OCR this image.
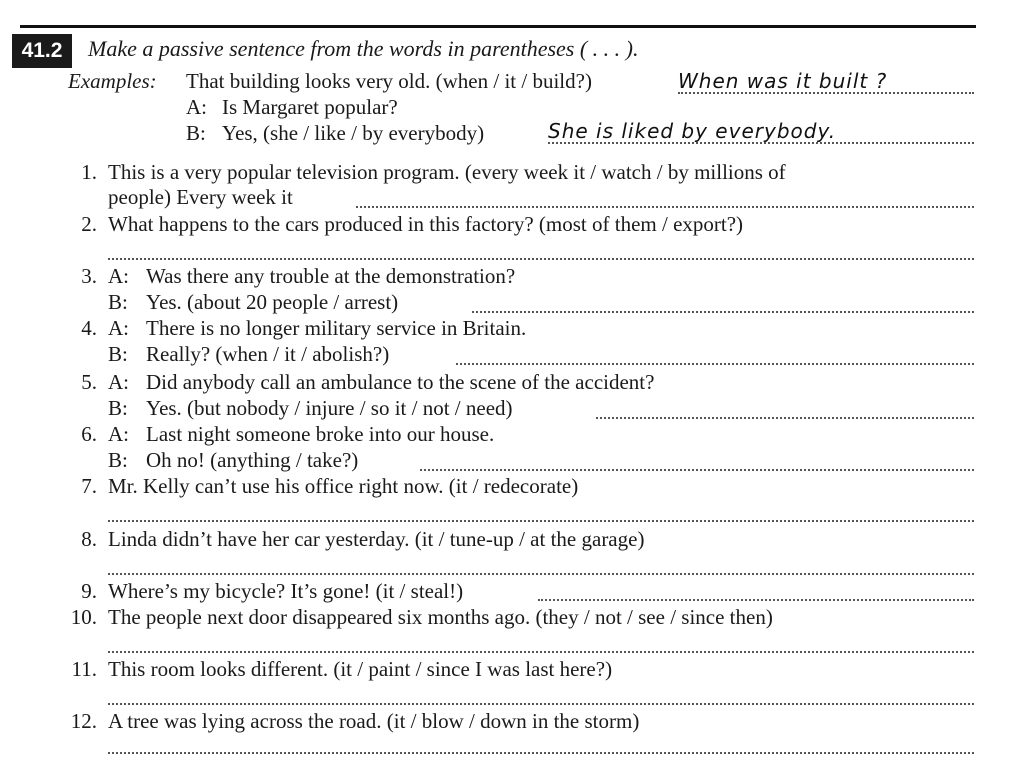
41.2	Make a passive sentence from the words in parentheses ( . . . ).
Examples: That building looks very old. (when / it / build?)	When was it built ?
A: Is Margaret popular?
B: Yes, (she / like / by everybody)	She is liked by everybody.
1. This is a very popular television program. (every week it / watch / by millions of
people) Every week it
2. What happens to the cars produced in this factory? (most of them / export?)
3. A: Was there any trouble at the demonstration?
B: Yes. (about 20 people / arrest)
4. A: There is no longer military service in Britain.
B: Really? (when / it / abolish?)
5. A: Did anybody call an ambulance to the scene of the accident?
B: Yes. (but nobody / injure / so it / not / need)
6. A: Last night someone broke into our house.
B: Oh no! (anything / take?)
7. Mr. Kelly can’t use his office right now. (it / redecorate)
8. Linda didn’t have her car yesterday. (it / tune-up / at the garage)
9. Where’s my bicycle? It’s gone! (it / steal!)
10. The people next door disappeared six months ago. (they / not / see / since then)
11. This room looks different. (it / paint / since I was last here?)
12. A tree was lying across the road. (it / blow / down in the storm)
